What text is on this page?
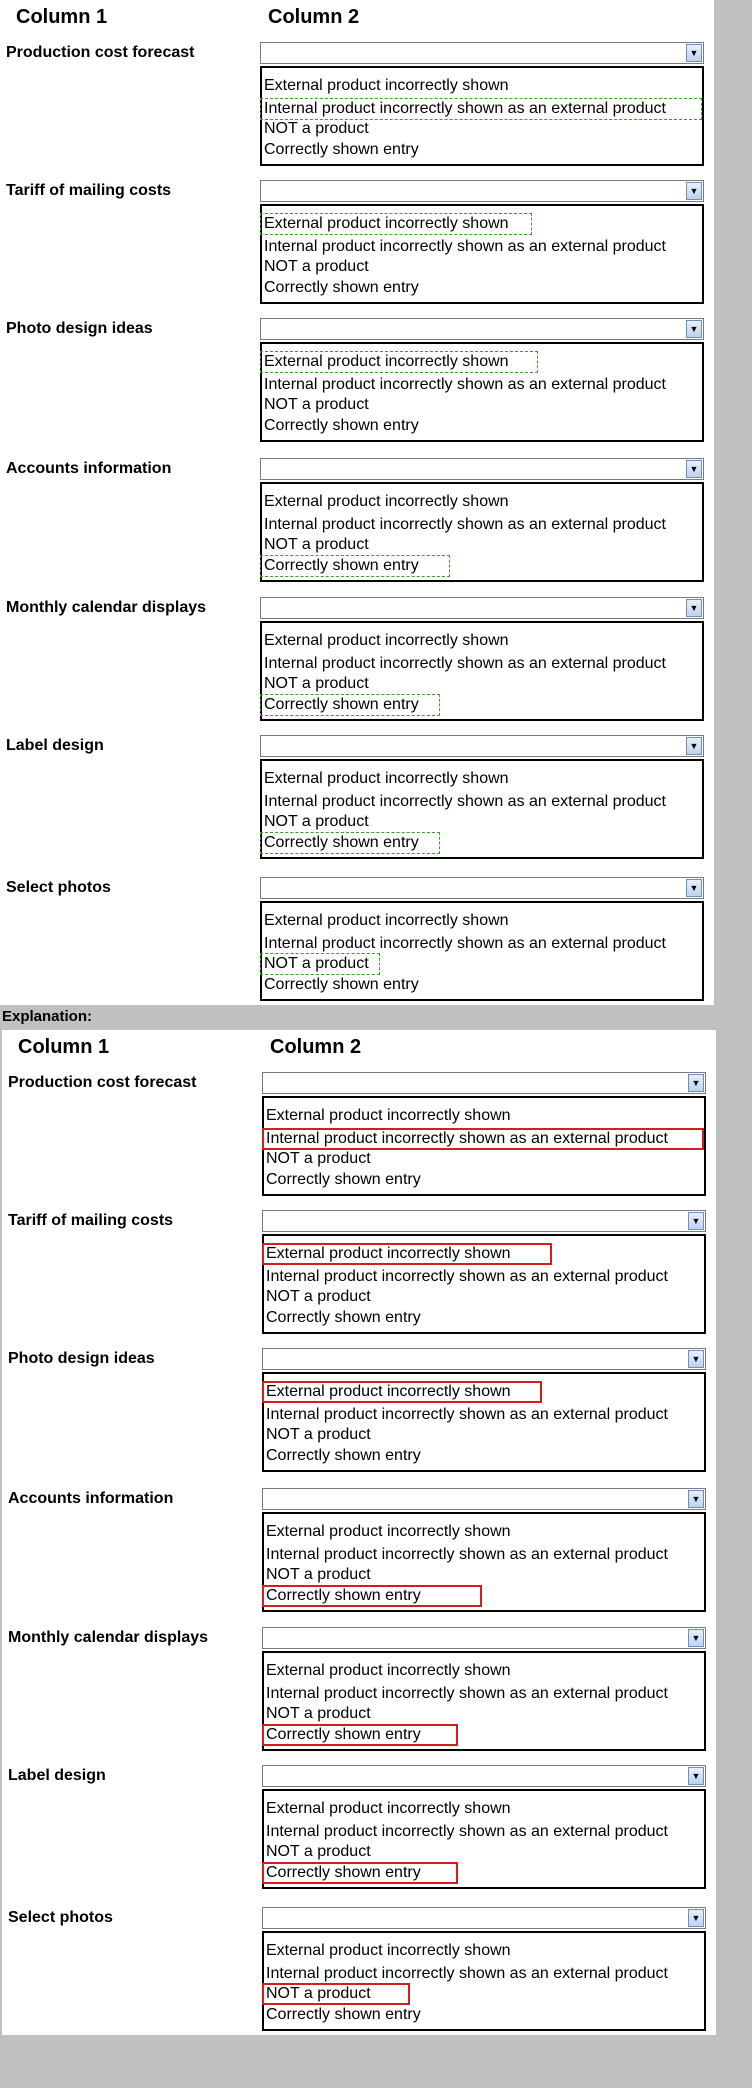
Column 1	Column 2
Production cost forecast	▼
External product incorrectly shown
Internal product incorrectly shown as an external product
NOT a product
Correctly shown entry
Tariff of mailing costs	▼
External product incorrectly shown
Internal product incorrectly shown as an external product
NOT a product
Correctly shown entry
Photo design ideas	▼
External product incorrectly shown
Internal product incorrectly shown as an external product
NOT a product
Correctly shown entry
Accounts information	▼
External product incorrectly shown
Internal product incorrectly shown as an external product
NOT a product
Correctly shown entry
Monthly calendar displays	▼
External product incorrectly shown
Internal product incorrectly shown as an external product
NOT a product
Correctly shown entry
Label design	▼
External product incorrectly shown
Internal product incorrectly shown as an external product
NOT a product
Correctly shown entry
Select photos	▼
External product incorrectly shown
Internal product incorrectly shown as an external product
NOT a product
Correctly shown entry
Explanation:
Column 1	Column 2
Production cost forecast	▼
External product incorrectly shown
Internal product incorrectly shown as an external product
NOT a product
Correctly shown entry
Tariff of mailing costs	▼
External product incorrectly shown
Internal product incorrectly shown as an external product
NOT a product
Correctly shown entry
Photo design ideas	▼
External product incorrectly shown
Internal product incorrectly shown as an external product
NOT a product
Correctly shown entry
Accounts information	▼
External product incorrectly shown
Internal product incorrectly shown as an external product
NOT a product
Correctly shown entry
Monthly calendar displays	▼
External product incorrectly shown
Internal product incorrectly shown as an external product
NOT a product
Correctly shown entry
Label design	▼
External product incorrectly shown
Internal product incorrectly shown as an external product
NOT a product
Correctly shown entry
Select photos	▼
External product incorrectly shown
Internal product incorrectly shown as an external product
NOT a product
Correctly shown entry
